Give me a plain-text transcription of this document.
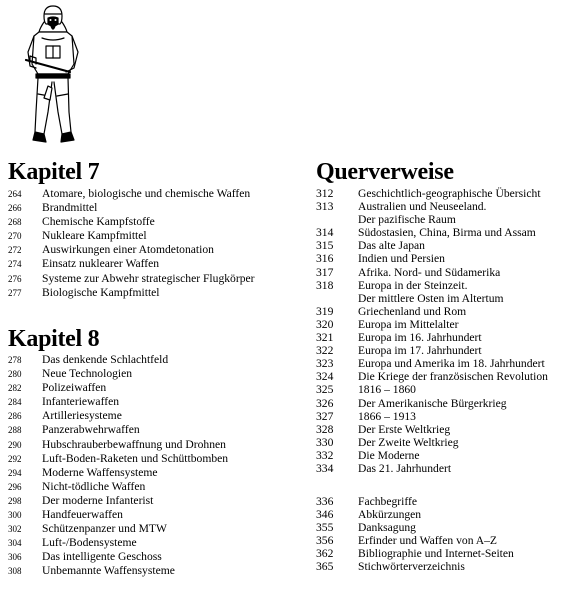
Kapitel 7
264	Atomare, biologische und chemische Waffen
266	Brandmittel
268	Chemische Kampfstoffe
270	Nukleare Kampfmittel
272	Auswirkungen einer Atomdetonation
274	Einsatz nuklearer Waffen
276	Systeme zur Abwehr strategischer Flugkörper
277	Biologische Kampfmittel
Kapitel 8
278	Das denkende Schlachtfeld
280	Neue Technologien
282	Polizeiwaffen
284	Infanteriewaffen
286	Artilleriesysteme
288	Panzerabwehrwaffen
290	Hubschrauberbewaffnung und Drohnen
292	Luft-Boden-Raketen und Schüttbomben
294	Moderne Waffensysteme
296	Nicht-tödliche Waffen
298	Der moderne Infanterist
300	Handfeuerwaffen
302	Schützenpanzer und MTW
304	Luft-/Bodensysteme
306	Das intelligente Geschoss
308	Unbemannte Waffensysteme
Querverweise
312	Geschichtlich-geographische Übersicht
313	Australien und Neuseeland.
Der pazifische Raum
314	Südostasien, China, Birma und Assam
315	Das alte Japan
316	Indien und Persien
317	Afrika. Nord- und Südamerika
318	Europa in der Steinzeit.
Der mittlere Osten im Altertum
319	Griechenland und Rom
320	Europa im Mittelalter
321	Europa im 16. Jahrhundert
322	Europa im 17. Jahrhundert
323	Europa und Amerika im 18. Jahrhundert
324	Die Kriege der französischen Revolution
325	1816 – 1860
326	Der Amerikanische Bürgerkrieg
327	1866 – 1913
328	Der Erste Weltkrieg
330	Der Zweite Weltkrieg
332	Die Moderne
334	Das 21. Jahrhundert
336	Fachbegriffe
346	Abkürzungen
355	Danksagung
356	Erfinder und Waffen von A–Z
362	Bibliographie und Internet-Seiten
365	Stichwörterverzeichnis
